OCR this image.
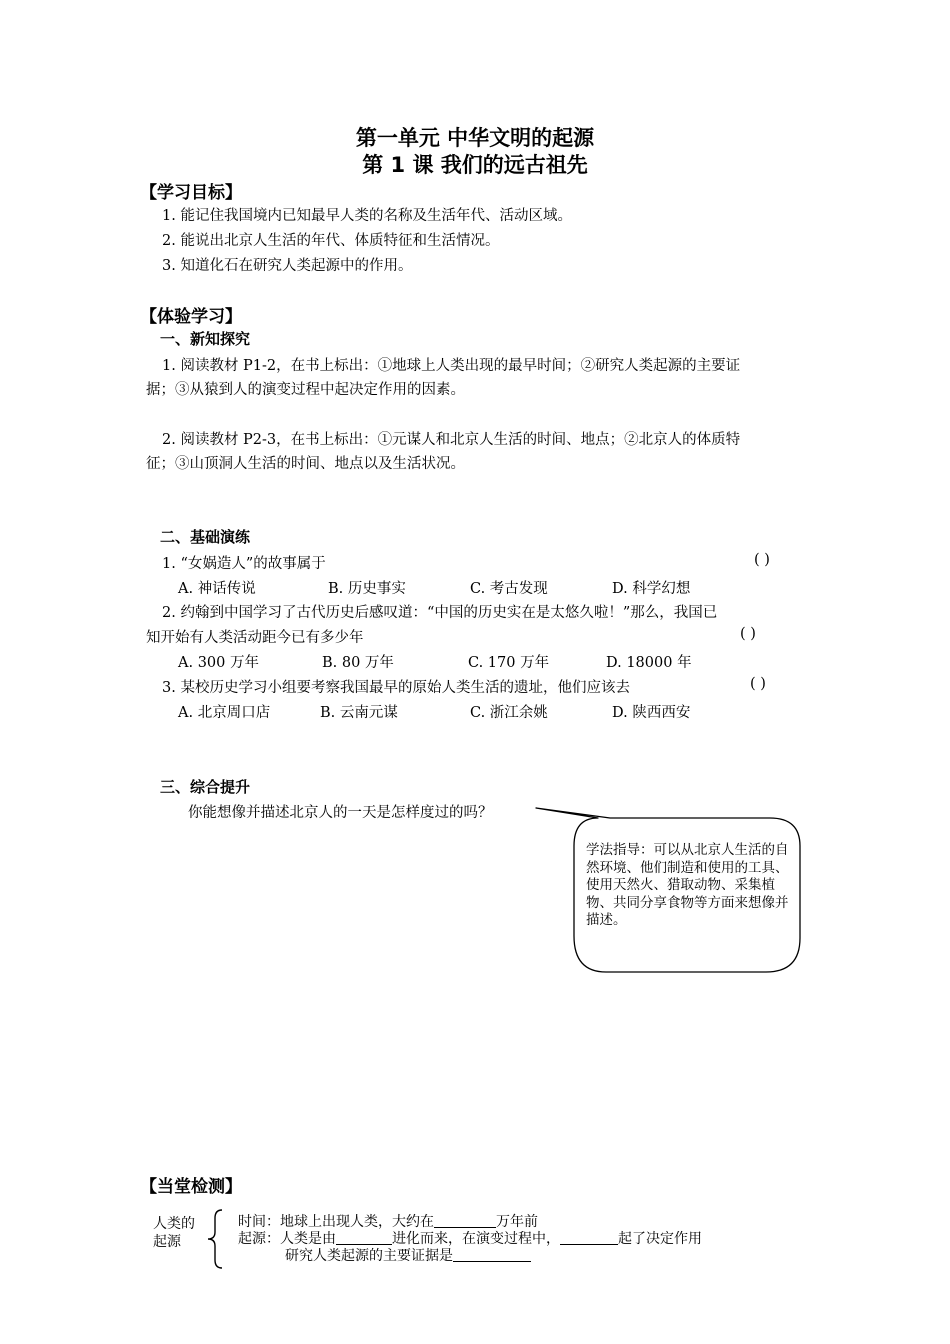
第一单元 中华文明的起源
第 1 课 我们的远古祖先
【学习目标】
1. 能记住我国境内已知最早人类的名称及生活年代、活动区域。
2. 能说出北京人生活的年代、体质特征和生活情况。
3. 知道化石在研究人类起源中的作用。
【体验学习】
一、新知探究
1. 阅读教材 P1-2，在书上标出：①地球上人类出现的最早时间；②研究人类起源的主要证
据；③从猿到人的演变过程中起决定作用的因素。
2. 阅读教材 P2-3，在书上标出：①元谋人和北京人生活的时间、地点；②北京人的体质特
征；③山顶洞人生活的时间、地点以及生活状况。
二、基础演练
1. “女娲造人”的故事属于	( )
A. 神话传说	B. 历史事实	C. 考古发现	D. 科学幻想
2. 约翰到中国学习了古代历史后感叹道：“中国的历史实在是太悠久啦！”那么，我国已
知开始有人类活动距今已有多少年	( )
A. 300 万年	B. 80 万年	C. 170 万年	D. 18000 年
3. 某校历史学习小组要考察我国最早的原始人类生活的遗址，他们应该去	( )
A. 北京周口店	B. 云南元谋	C. 浙江余姚	D. 陕西西安
三、综合提升
你能想像并描述北京人的一天是怎样度过的吗？
学法指导：可以从北京人生活的自然环境、他们制造和使用的工具、使用天然火、猎取动物、采集植物、共同分享食物等方面来想像并描述。
【当堂检测】
人类的
起源
时间：地球上出现人类，大约在	万年前
起源：人类是由	进化而来，在演变过程中，	起了决定作用
研究人类起源的主要证据是
